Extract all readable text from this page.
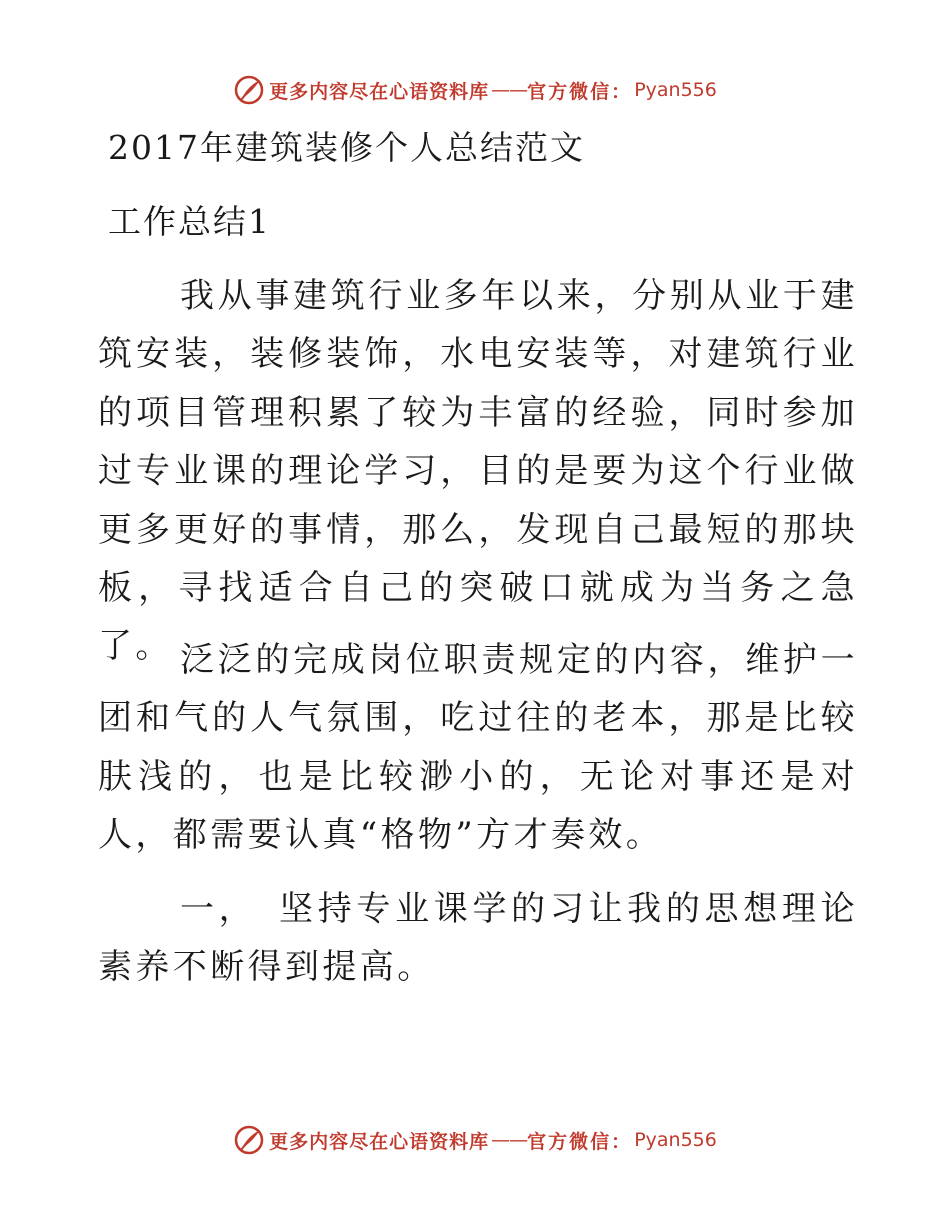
更多内容尽在心语资料库 —— 官方微信： Pyan556
2017年建筑装修个人总结范文
工作总结1

我从事建筑行业多年以来，分别从业于建筑安装，装修装饰，水电安装等，对建筑行业的项目管理积累了较为丰富的经验，同时参加过专业课的理论学习，目的是要为这个行业做更多更好的事情，那么，发现自己最短的那块板，寻找适合自己的突破口就成为当务之急了。 泛泛的完成岗位职责规定的内容，维护一团和气的人气氛围，吃过往的老本，那是比较肤浅的，也是比较渺小的，无论对事还是对人，都需要认真“格物”方才奏效。

一，　坚持专业课学的习让我的思想理论素养不断得到提高。

更多内容尽在心语资料库 —— 官方微信： Pyan556
